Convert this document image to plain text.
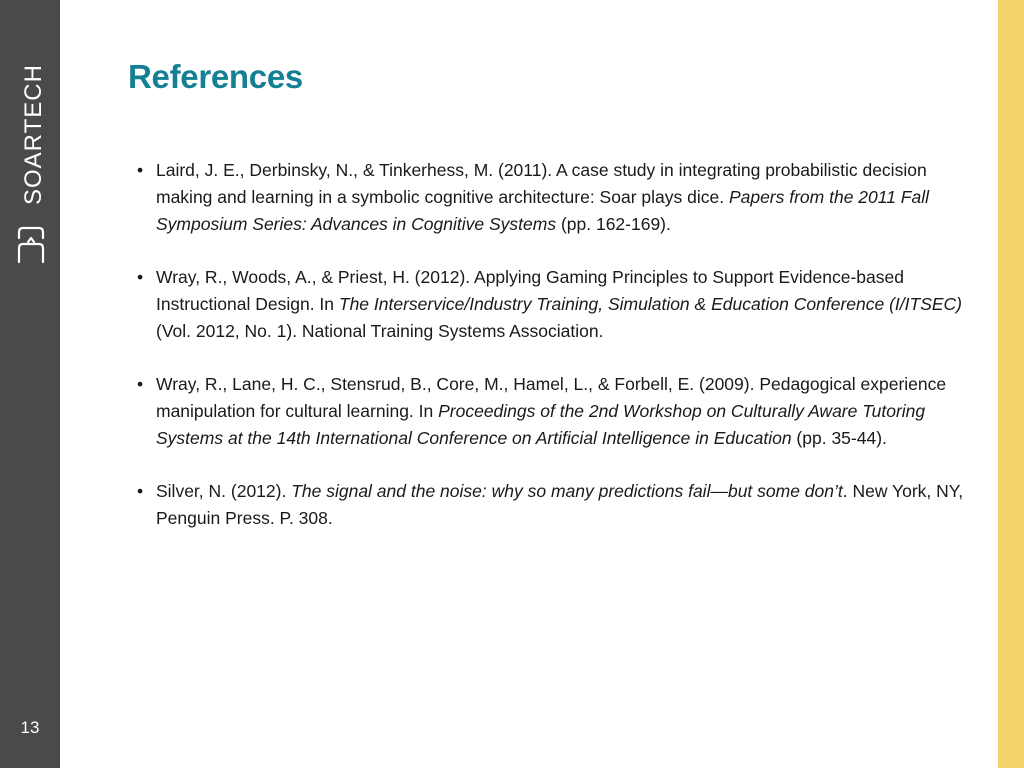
SOARTECH
13
References
• Laird, J. E., Derbinsky, N., & Tinkerhess, M. (2011). A case study in integrating probabilistic decision making and learning in a symbolic cognitive architecture: Soar plays dice. Papers from the 2011 Fall Symposium Series: Advances in Cognitive Systems (pp. 162-169).
• Wray, R., Woods, A., & Priest, H. (2012). Applying Gaming Principles to Support Evidence-based Instructional Design. In The Interservice/Industry Training, Simulation & Education Conference (I/ITSEC) (Vol. 2012, No. 1). National Training Systems Association.
• Wray, R., Lane, H. C., Stensrud, B., Core, M., Hamel, L., & Forbell, E. (2009). Pedagogical experience manipulation for cultural learning. In Proceedings of the 2nd Workshop on Culturally Aware Tutoring Systems at the 14th International Conference on Artificial Intelligence in Education (pp. 35-44).
• Silver, N. (2012). The signal and the noise: why so many predictions fail—but some don’t. New York, NY, Penguin Press. P. 308.
